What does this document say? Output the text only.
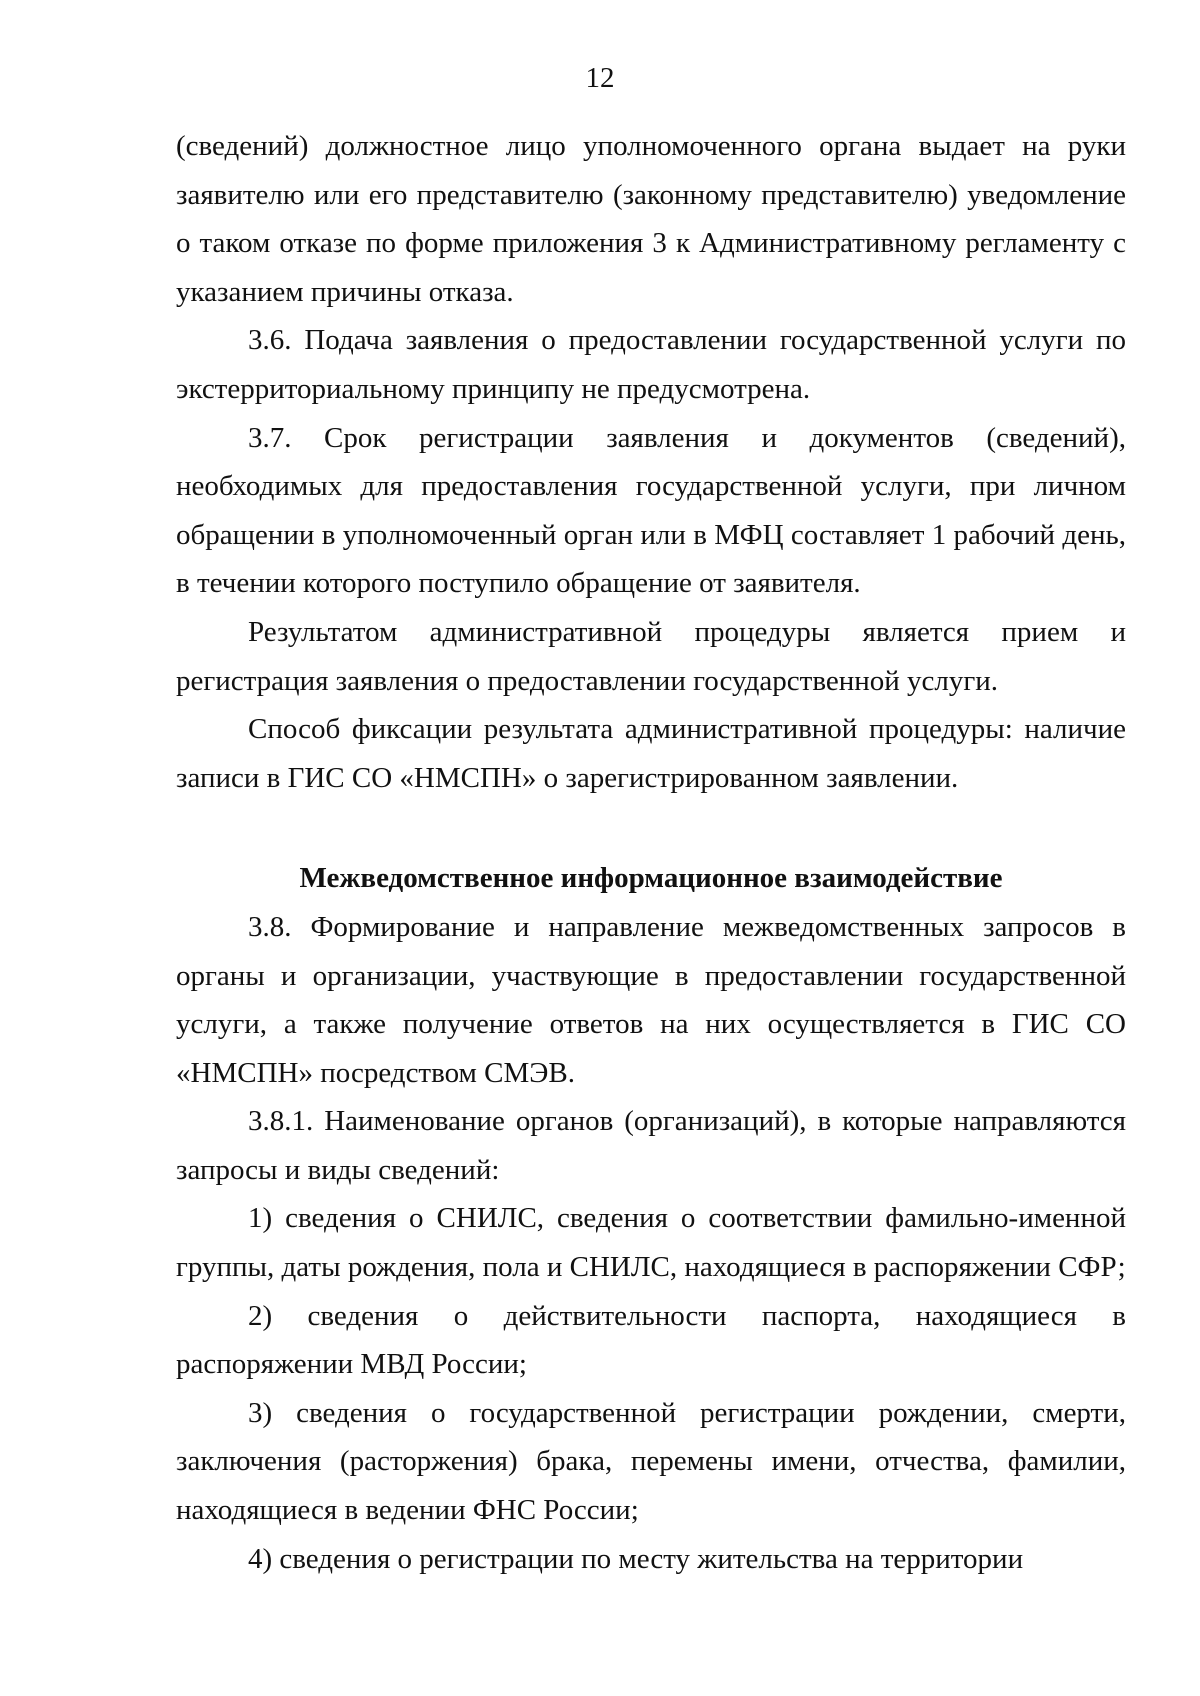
12

(сведений) должностное лицо уполномоченного органа выдает на руки заявителю или его представителю (законному представителю) уведомление о таком отказе по форме приложения 3 к Административному регламенту с указанием причины отказа.

3.6. Подача заявления о предоставлении государственной услуги по экстерриториальному принципу не предусмотрена.

3.7. Срок регистрации заявления и документов (сведений), необходимых для предоставления государственной услуги, при личном обращении в уполномоченный орган или в МФЦ составляет 1 рабочий день, в течении которого поступило обращение от заявителя.

Результатом административной процедуры является прием и регистрация заявления о предоставлении государственной услуги.

Способ фиксации результата административной процедуры: наличие записи в ГИС СО «НМСПН» о зарегистрированном заявлении.

Межведомственное информационное взаимодействие

3.8. Формирование и направление межведомственных запросов в органы и организации, участвующие в предоставлении государственной услуги, а также получение ответов на них осуществляется в ГИС СО «НМСПН» посредством СМЭВ.

3.8.1. Наименование органов (организаций), в которые направляются запросы и виды сведений:

1) сведения о СНИЛС, сведения о соответствии фамильно-именной группы, даты рождения, пола и СНИЛС, находящиеся в распоряжении СФР;

2) сведения о действительности паспорта, находящиеся в распоряжении МВД России;

3) сведения о государственной регистрации рождении, смерти, заключения (расторжения) брака, перемены имени, отчества, фамилии, находящиеся в ведении ФНС России;

4) сведения о регистрации по месту жительства на территории
